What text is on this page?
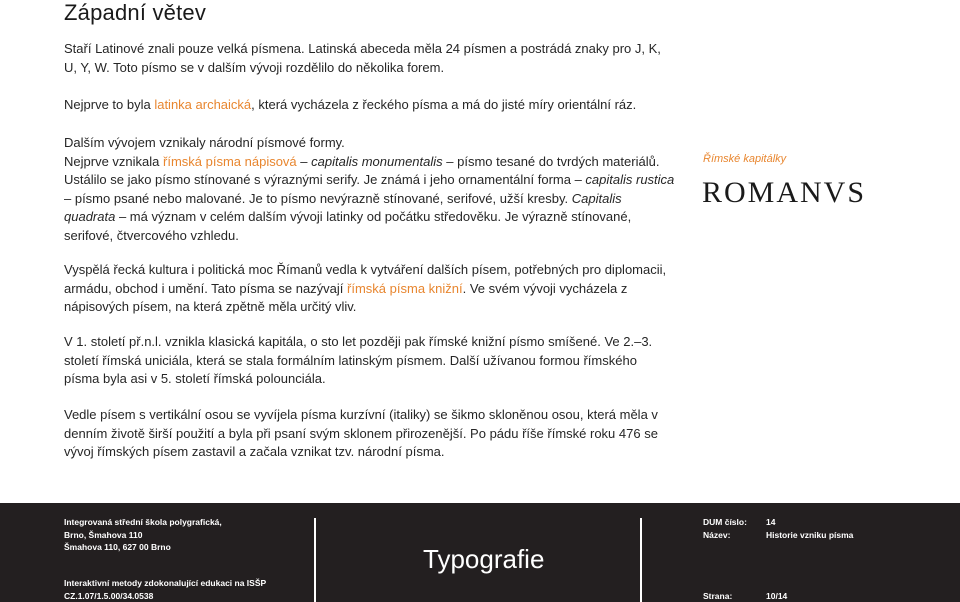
Západní větev

Staří Latinové znali pouze velká písmena. Latinská abeceda měla 24 písmen a postrádá znaky pro J, K, U, Y, W. Toto písmo se v dalším vývoji rozdělilo do několika forem.

Nejprve to byla latinka archaická, která vycházela z řeckého písma a má do jisté míry orientální ráz.

Dalším vývojem vznikaly národní písmové formy.
Nejprve vznikala římská písma nápisová – capitalis monumentalis – písmo tesané do tvrdých materiálů. Ustálilo se jako písmo stínované s výraznými serify. Je známá i jeho ornamentální forma – capitalis rustica – písmo psané nebo malované. Je to písmo nevýrazně stínované, serifové, užší kresby. Capitalis quadrata – má význam v celém dalším vývoji latinky od počátku středověku. Je výrazně stínované, serifové, čtvercového vzhledu.
Římské kapitálky
ROMANVS

Vyspělá řecká kultura i politická moc Římanů vedla k vytváření dalších písem, potřebných pro diplomacii, armádu, obchod i umění. Tato písma se nazývají římská písma knižní. Ve svém vývoji vycházela z nápisových písem, na která zpětně měla určitý vliv.

V 1. století př.n.l. vznikla klasická kapitála, o sto let později pak římské knižní písmo smíšené. Ve 2.–3. století římská uniciála, která se stala formálním latinským písmem. Další užívanou formou římského písma byla asi v 5. století římská polounciála.

Vedle písem s vertikální osou se vyvíjela písma kurzívní (italiky) se šikmo skloněnou osou, která měla v denním životě širší použití a byla při psaní svým sklonem přirozenější. Po pádu říše římské roku 476 se vývoj římských písem zastavil a začala vznikat tzv. národní písma.

Integrovaná střední škola polygrafická,
Brno, Šmahova 110
Šmahova 110, 627 00 Brno
Interaktivní metody zdokonalující edukaci na ISŠP
CZ.1.07/1.5.00/34.0538
Typografie
DUM číslo: 14
Název:	Historie vzniku písma
Strana:	10/14
